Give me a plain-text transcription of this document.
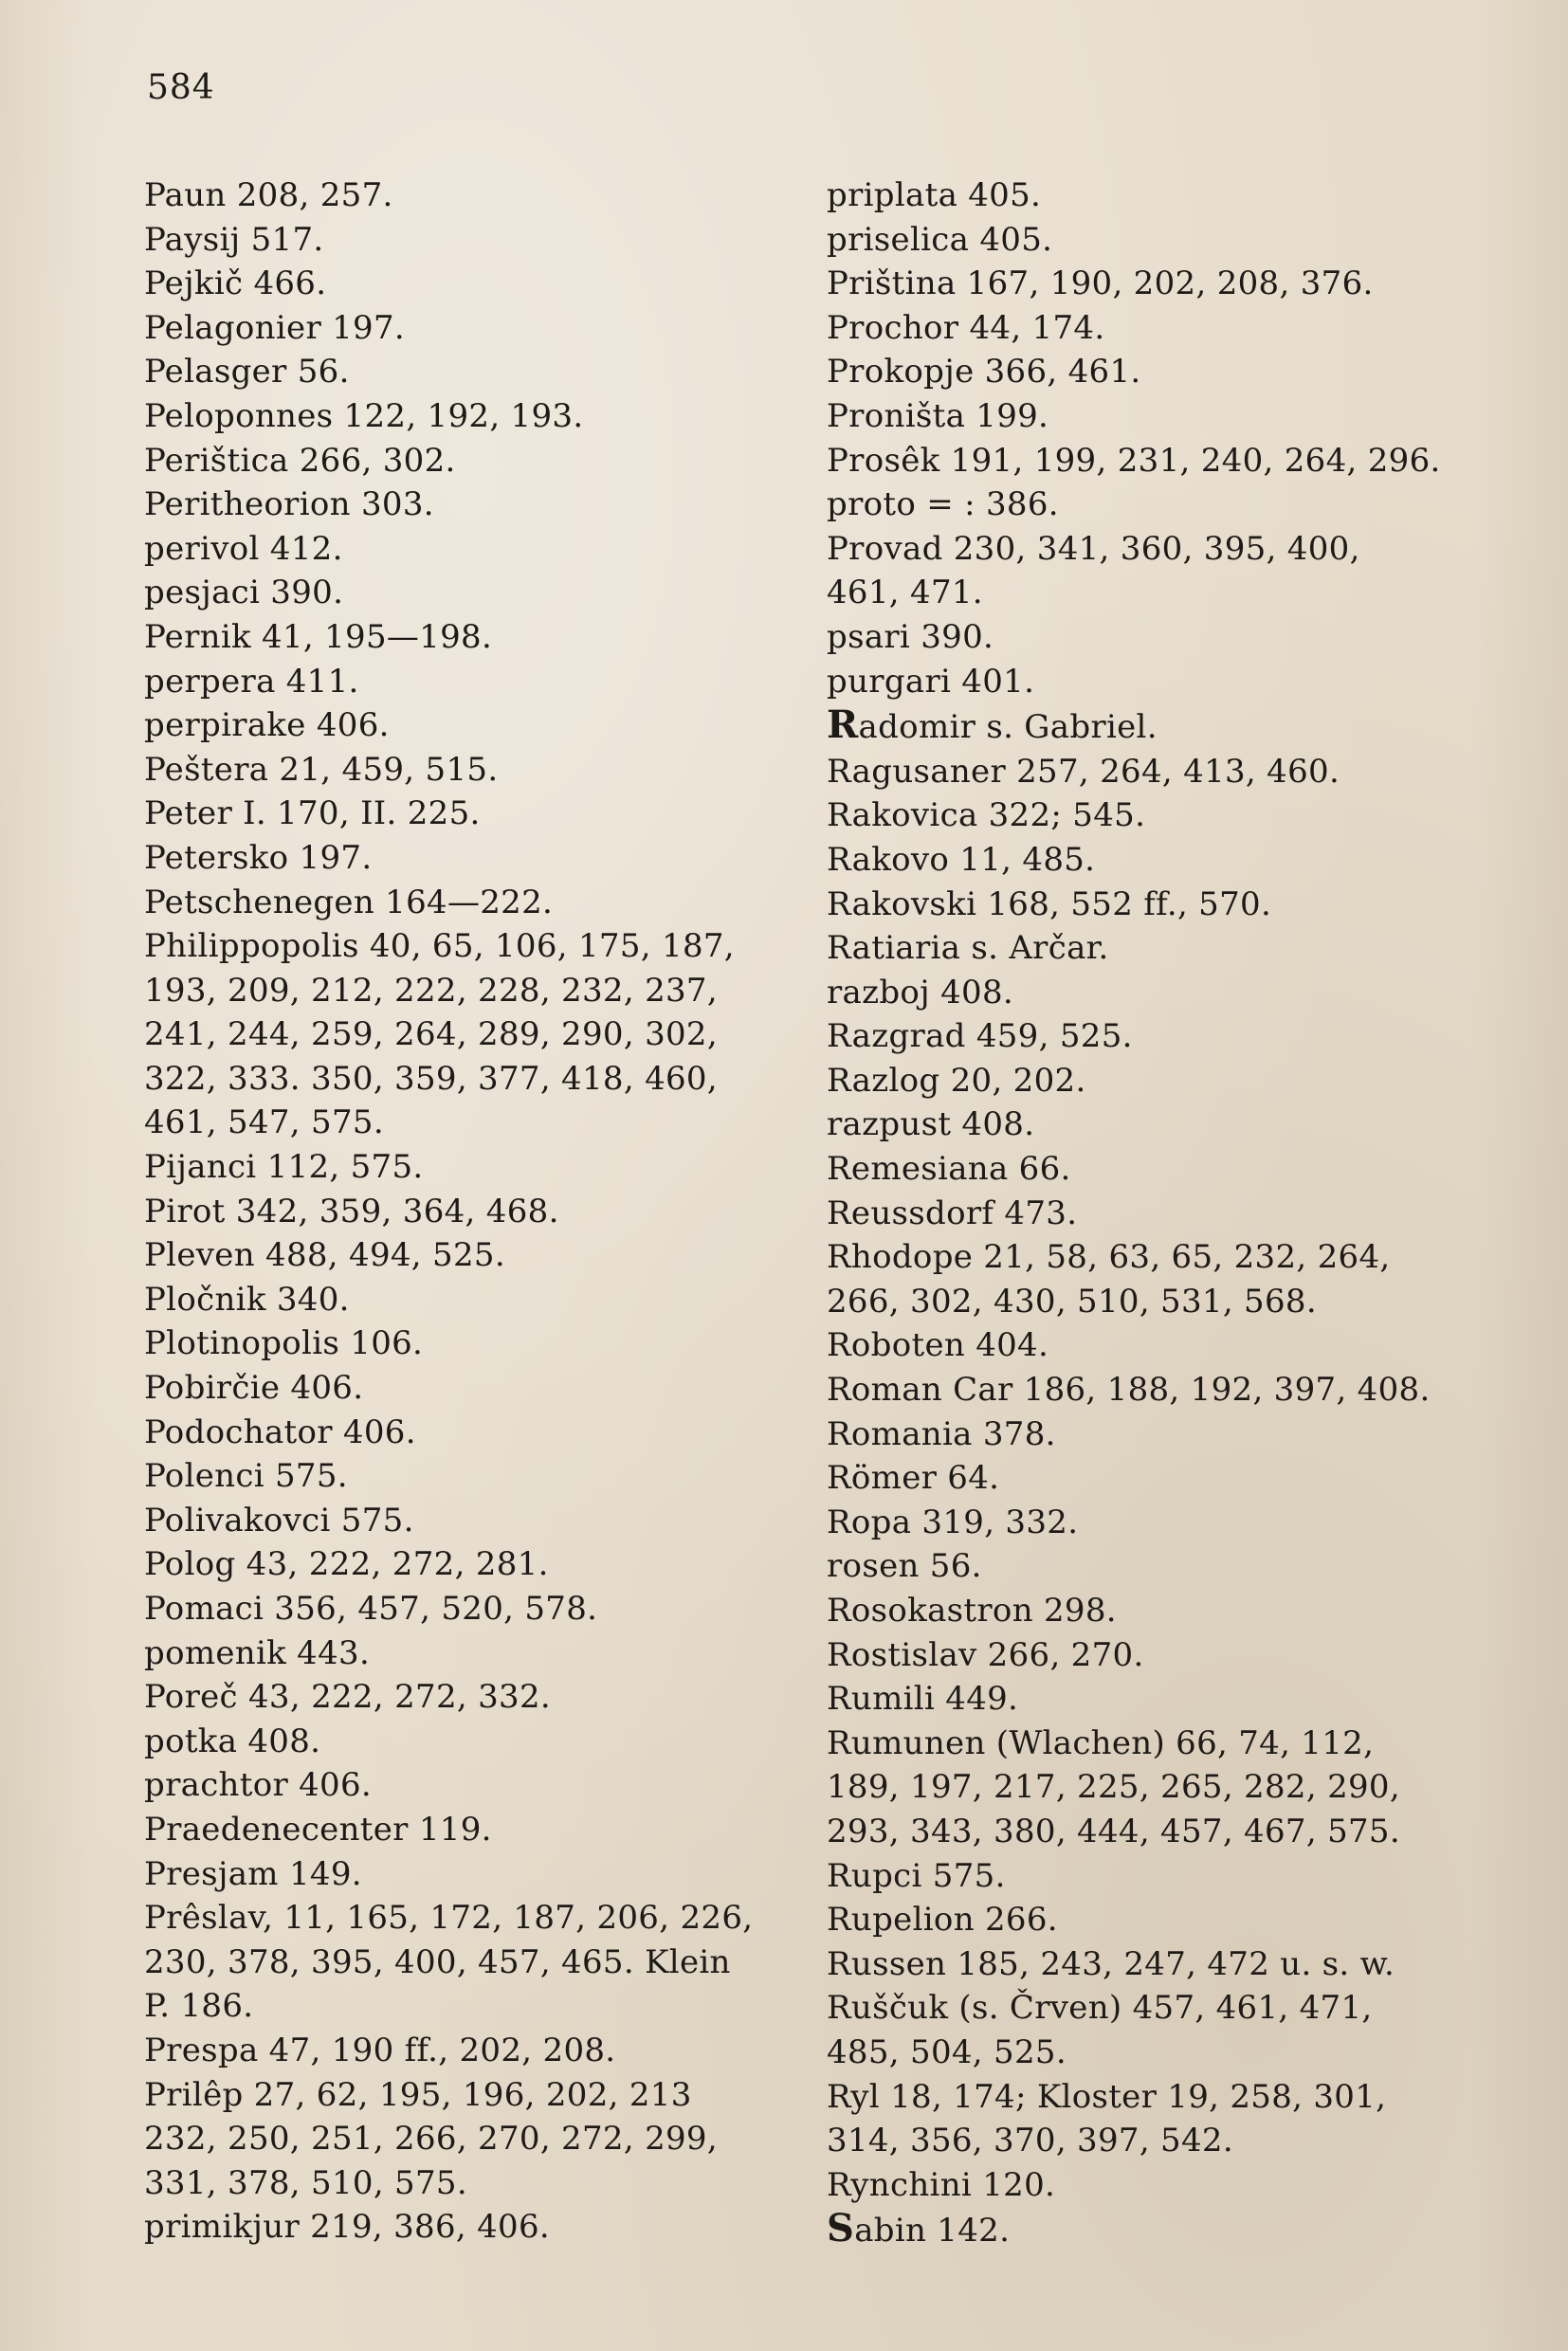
584
Paun 208, 257.
Paysij 517.
Pejkič 466.
Pelagonier 197.
Pelasger 56.
Peloponnes 122, 192, 193.
Perištica 266, 302.
Peritheorion 303.
perivol 412.
pesjaci 390.
Pernik 41, 195—198.
perpera 411.
perpirake 406.
Peštera 21, 459, 515.
Peter I. 170, II. 225.
Petersko 197.
Petschenegen 164—222.
Philippopolis 40, 65, 106, 175, 187,
193, 209, 212, 222, 228, 232, 237,
241, 244, 259, 264, 289, 290, 302,
322, 333. 350, 359, 377, 418, 460,
461, 547, 575.
Pijanci 112, 575.
Pirot 342, 359, 364, 468.
Pleven 488, 494, 525.
Pločnik 340.
Plotinopolis 106.
Pobirčie 406.
Podochator 406.
Polenci 575.
Polivakovci 575.
Polog 43, 222, 272, 281.
Pomaci 356, 457, 520, 578.
pomenik 443.
Poreč 43, 222, 272, 332.
potka 408.
prachtor 406.
Praedenecenter 119.
Presjam 149.
Prêslav, 11, 165, 172, 187, 206, 226,
230, 378, 395, 400, 457, 465. Klein
P. 186.
Prespa 47, 190 ff., 202, 208.
Prilêp 27, 62, 195, 196, 202, 213
232, 250, 251, 266, 270, 272, 299,
331, 378, 510, 575.
primikjur 219, 386, 406.
priplata 405.
priselica 405.
Priština 167, 190, 202, 208, 376.
Prochor 44, 174.
Prokopje 366, 461.
Proništa 199.
Prosêk 191, 199, 231, 240, 264, 296.
proto = : 386.
Provad 230, 341, 360, 395, 400,
461, 471.
psari 390.
purgari 401.
Radomir s. Gabriel.
Ragusaner 257, 264, 413, 460.
Rakovica 322; 545.
Rakovo 11, 485.
Rakovski 168, 552 ff., 570.
Ratiaria s. Arčar.
razboj 408.
Razgrad 459, 525.
Razlog 20, 202.
razpust 408.
Remesiana 66.
Reussdorf 473.
Rhodope 21, 58, 63, 65, 232, 264,
266, 302, 430, 510, 531, 568.
Roboten 404.
Roman Car 186, 188, 192, 397, 408.
Romania 378.
Römer 64.
Ropa 319, 332.
rosen 56.
Rosokastron 298.
Rostislav 266, 270.
Rumili 449.
Rumunen (Wlachen) 66, 74, 112,
189, 197, 217, 225, 265, 282, 290,
293, 343, 380, 444, 457, 467, 575.
Rupci 575.
Rupelion 266.
Russen 185, 243, 247, 472 u. s. w.
Ruščuk (s. Črven) 457, 461, 471,
485, 504, 525.
Ryl 18, 174; Kloster 19, 258, 301,
314, 356, 370, 397, 542.
Rynchini 120.
Sabin 142.
